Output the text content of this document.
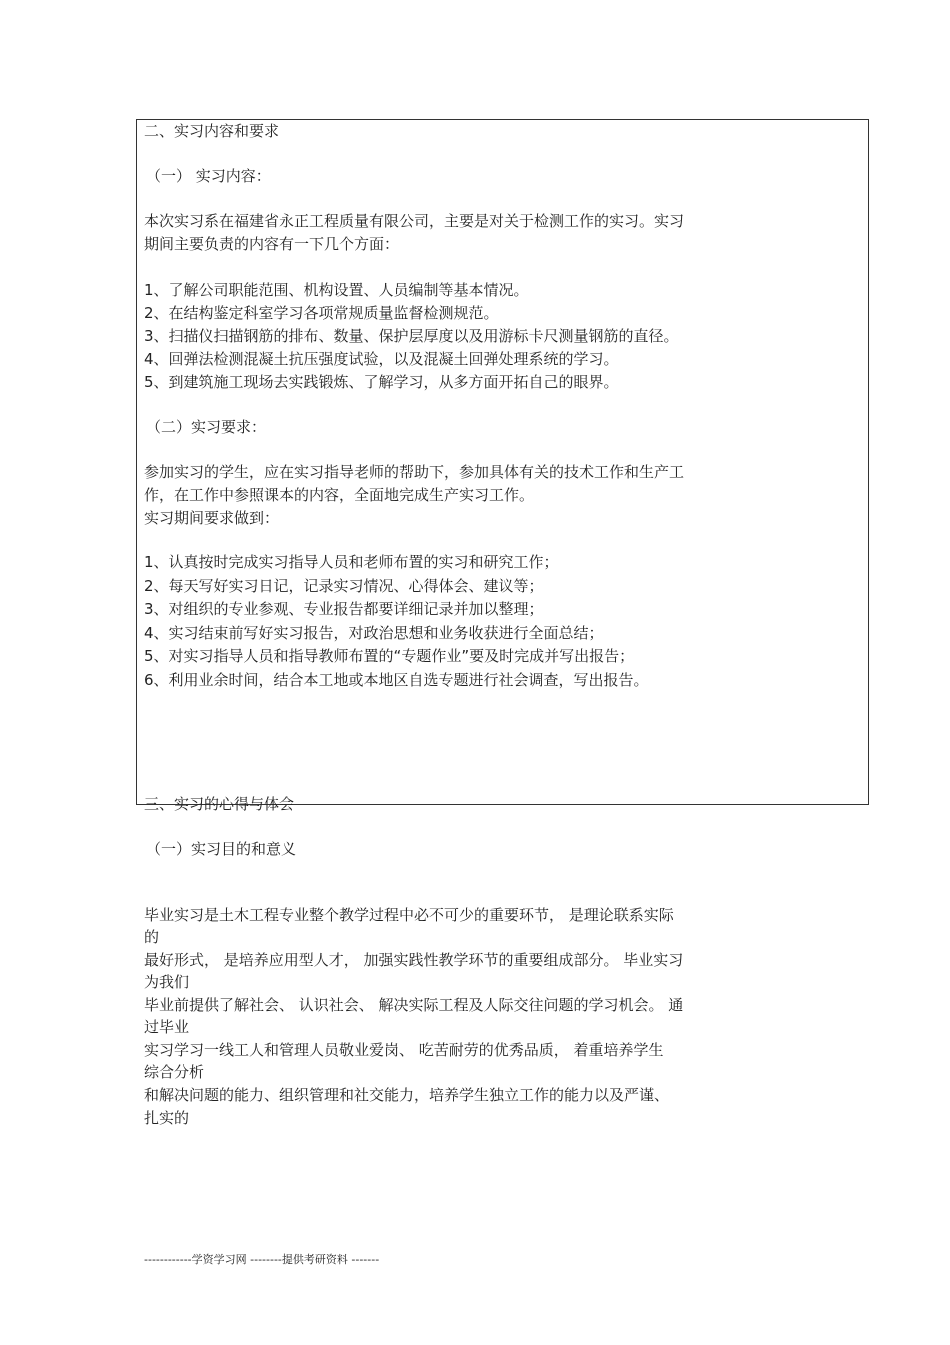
二、实习内容和要求
（一） 实习内容：
本次实习系在福建省永正工程质量有限公司，主要是对关于检测工作的实习。实习
期间主要负责的内容有一下几个方面：
1、了解公司职能范围、机构设置、人员编制等基本情况。
2、在结构鉴定科室学习各项常规质量监督检测规范。
3、扫描仪扫描钢筋的排布、数量、保护层厚度以及用游标卡尺测量钢筋的直径。
4、回弹法检测混凝土抗压强度试验，以及混凝土回弹处理系统的学习。
5、到建筑施工现场去实践锻炼、了解学习，从多方面开拓自己的眼界。
（二）实习要求：
参加实习的学生，应在实习指导老师的帮助下，参加具体有关的技术工作和生产工
作，在工作中参照课本的内容，全面地完成生产实习工作。
实习期间要求做到：
1、认真按时完成实习指导人员和老师布置的实习和研究工作；
2、每天写好实习日记，记录实习情况、心得体会、建议等；
3、对组织的专业参观、专业报告都要详细记录并加以整理；
4、实习结束前写好实习报告，对政治思想和业务收获进行全面总结；
5、对实习指导人员和指导教师布置的“专题作业”要及时完成并写出报告；
6、利用业余时间，结合本工地或本地区自选专题进行社会调查，写出报告。
三、实习的心得与体会
（一）实习目的和意义
毕业实习是土木工程专业整个教学过程中必不可少的重要环节， 是理论联系实际
的
最好形式， 是培养应用型人才， 加强实践性教学环节的重要组成部分。 毕业实习
为我们
毕业前提供了解社会、 认识社会、 解决实际工程及人际交往问题的学习机会。 通
过毕业
实习学习一线工人和管理人员敬业爱岗、 吃苦耐劳的优秀品质， 着重培养学生
综合分析
和解决问题的能力、组织管理和社交能力，培养学生独立工作的能力以及严谨、
扎实的
------------学资学习网 --------提供考研资料 -------
